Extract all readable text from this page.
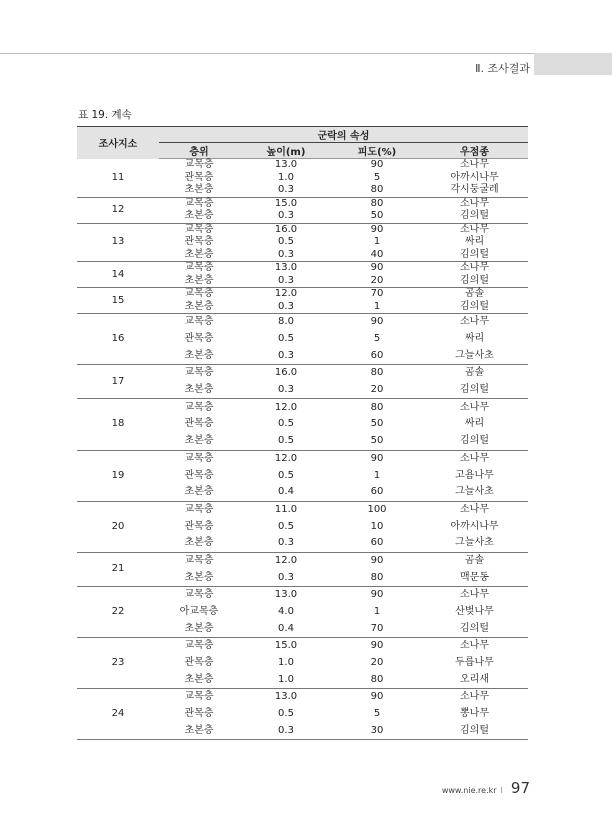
Ⅱ. 조사결과
표 19. 계속
조사지소	군락의 속성			
	층위	높이(m)	피도(%)	우점종
11	교목층	13.0	90	소나무
	관목층	1.0	5	아까시나무
	초본층	0.3	80	각시둥굴레
12	교목층	15.0	80	소나무
	초본층	0.3	50	김의털
13	교목층	16.0	90	소나무
	관목층	0.5	1	싸리
	초본층	0.3	40	김의털
14	교목층	13.0	90	소나무
	초본층	0.3	20	김의털
15	교목층	12.0	70	곰솔
	초본층	0.3	1	김의털
16	교목층	8.0	90	소나무
	관목층	0.5	5	싸리
	초본층	0.3	60	그늘사초
17	교목층	16.0	80	곰솔
	초본층	0.3	20	김의털
18	교목층	12.0	80	소나무
	관목층	0.5	50	싸리
	초본층	0.5	50	김의털
19	교목층	12.0	90	소나무
	관목층	0.5	1	고욤나무
	초본층	0.4	60	그늘사초
20	교목층	11.0	100	소나무
	관목층	0.5	10	아까시나무
	초본층	0.3	60	그늘사초
21	교목층	12.0	90	곰솔
	초본층	0.3	80	맥문동
22	교목층	13.0	90	소나무
	아교목층	4.0	1	산벚나무
	초본층	0.4	70	김의털
23	교목층	15.0	90	소나무
	관목층	1.0	20	두릅나무
	초본층	1.0	80	오리새
24	교목층	13.0	90	소나무
	관목층	0.5	5	뽕나무
	초본층	0.3	30	김의털
www.nie.re.kr I 97
